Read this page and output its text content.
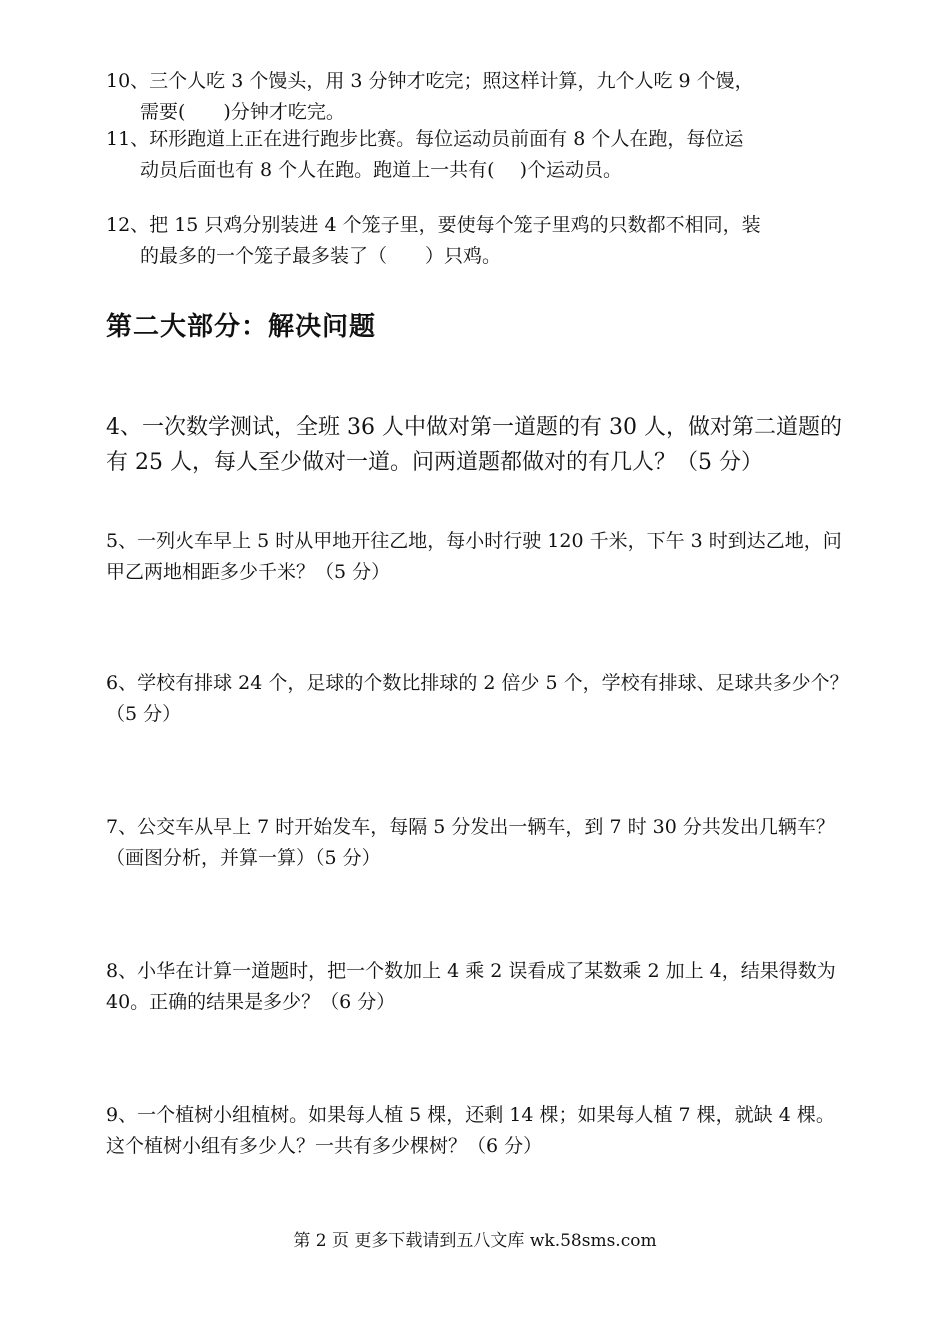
10、三个人吃 3 个馒头，用 3 分钟才吃完；照这样计算，九个人吃 9 个馒，
需要(　　)分钟才吃完。
11、环形跑道上正在进行跑步比赛。每位运动员前面有 8 个人在跑，每位运
动员后面也有 8 个人在跑。跑道上一共有(　 )个运动员。
12、把 15 只鸡分别装进 4 个笼子里，要使每个笼子里鸡的只数都不相同，装
的最多的一个笼子最多装了（　　）只鸡。
第二大部分：解决问题
4、一次数学测试，全班 36 人中做对第一道题的有 30 人，做对第二道题的有 25 人，每人至少做对一道。问两道题都做对的有几人？（5 分）
5、一列火车早上 5 时从甲地开往乙地，每小时行驶 120 千米，下午 3 时到达乙地，问甲乙两地相距多少千米？（5 分）
6、学校有排球 24 个，足球的个数比排球的 2 倍少 5 个，学校有排球、足球共多少个？（5 分）
7、公交车从早上 7 时开始发车，每隔 5 分发出一辆车，到 7 时 30 分共发出几辆车？（画图分析，并算一算）（5 分）
8、小华在计算一道题时，把一个数加上 4 乘 2 误看成了某数乘 2 加上 4，结果得数为 40。正确的结果是多少？（6 分）
9、一个植树小组植树。如果每人植 5 棵，还剩 14 棵；如果每人植 7 棵，就缺 4 棵。这个植树小组有多少人？一共有多少棵树？（6 分）
第 2 页 更多下载请到五八文库 wk.58sms.com
